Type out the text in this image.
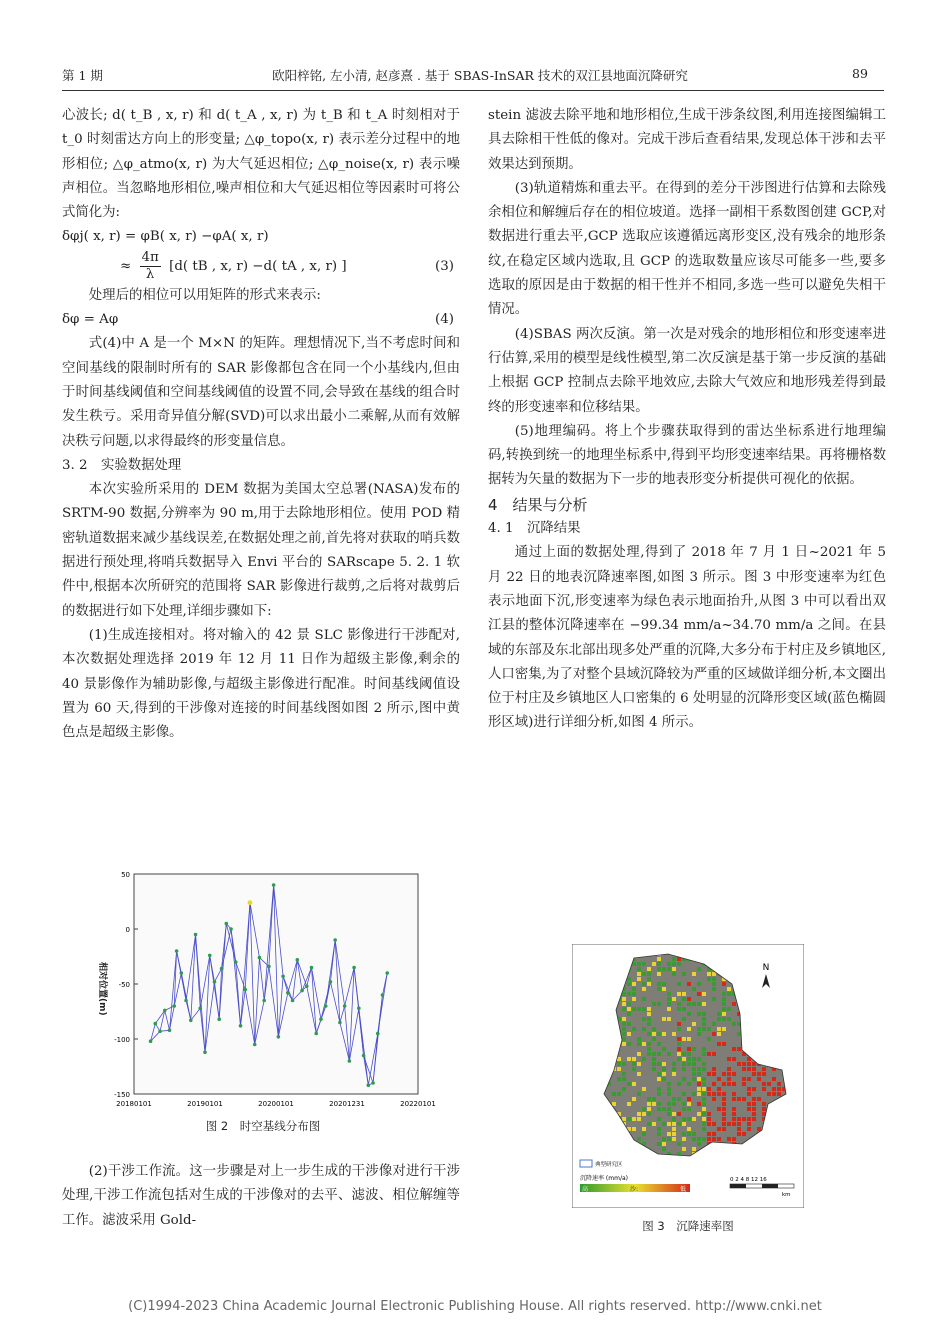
第 1 期	欧阳梓铭, 左小清, 赵彦熹 . 基于 SBAS-InSAR 技术的双江县地面沉降研究	89

心波长; d( t_B , x, r) 和 d( t_A , x, r) 为 t_B 和 t_A 时刻相对于 t_0 时刻雷达方向上的形变量; △φ_topo(x, r) 表示差分过程中的地形相位; △φ_atmo(x, r) 为大气延迟相位; △φ_noise(x, r) 表示噪声相位。当忽略地形相位,噪声相位和大气延迟相位等因素时可将公式简化为:

δφj( x, r) = φB( x, r) −φA( x, r)
≈ $\frac{4\pi}{\lambda} [d$( tB , x, r) −d( tA , x, r) ]	(3)

处理后的相位可以用矩阵的形式来表示:

δφ = Aφ	(4)

式(4)中 A 是一个 M×N 的矩阵。理想情况下,当不考虑时间和空间基线的限制时所有的 SAR 影像都包含在同一个小基线内,但由于时间基线阈值和空间基线阈值的设置不同,会导致在基线的组合时发生秩亏。采用奇异值分解(SVD)可以求出最小二乘解,从而有效解决秩亏问题,以求得最终的形变量信息。

3. 2　实验数据处理

本次实验所采用的 DEM 数据为美国太空总署(NASA)发布的 SRTM-90 数据,分辨率为 90 m,用于去除地形相位。使用 POD 精密轨道数据来减少基线误差,在数据处理之前,首先将对获取的哨兵数据进行预处理,将哨兵数据导入 Envi 平台的 SARscape 5. 2. 1 软件中,根据本次所研究的范围将 SAR 影像进行裁剪,之后将对裁剪后的数据进行如下处理,详细步骤如下:

(1)生成连接相对。将对输入的 42 景 SLC 影像进行干涉配对,本次数据处理选择 2019 年 12 月 11 日作为超级主影像,剩余的 40 景影像作为辅助影像,与超级主影像进行配准。时间基线阈值设置为 60 天,得到的干涉像对连接的时间基线图如图 2 所示,图中黄色点是超级主影像。

相对位置(m)
50
0
-50
-100
-150
20180101	20190101	20200101	20201231	20220101
图 2　时空基线分布图

(2)干涉工作流。这一步骤是对上一步生成的干涉像对进行干涉处理,干涉工作流包括对生成的干涉像对的去平、滤波、相位解缠等工作。滤波采用 Gold-

stein 滤波去除平地和地形相位,生成干涉条纹图,利用连接图编辑工具去除相干性低的像对。完成干涉后查看结果,发现总体干涉和去平效果达到预期。

(3)轨道精炼和重去平。在得到的差分干涉图进行估算和去除残余相位和解缠后存在的相位坡道。选择一副相干系数图创建 GCP,对数据进行重去平,GCP 选取应该遵循远离形变区,没有残余的地形条纹,在稳定区域内选取,且 GCP 的选取数量应该尽可能多一些,要多选取的原因是由于数据的相干性并不相同,多选一些可以避免失相干情况。

(4)SBAS 两次反演。第一次是对残余的地形相位和形变速率进行估算,采用的模型是线性模型,第二次反演是基于第一步反演的基础上根据 GCP 控制点去除平地效应,去除大气效应和地形残差得到最终的形变速率和位移结果。

(5)地理编码。将上个步骤获取得到的雷达坐标系进行地理编码,转换到统一的地理坐标系中,得到平均形变速率结果。再将栅格数据转为矢量的数据为下一步的地表形变分析提供可视化的依据。

4　结果与分析

4. 1　沉降结果

通过上面的数据处理,得到了 2018 年 7 月 1 日~2021 年 5 月 22 日的地表沉降速率图,如图 3 所示。图 3 中形变速率为红色表示地面下沉,形变速率为绿色表示地面抬升,从图 3 中可以看出双江县的整体沉降速率在 −99.34 mm/a~34.70 mm/a 之间。在县域的东部及东北部出现多处严重的沉降,大多分布于村庄及乡镇地区,人口密集,为了对整个县域沉降较为严重的区域做详细分析,本文圈出位于村庄及乡镇地区人口密集的 6 处明显的沉降形变区域(蓝色椭圆形区域)进行详细分析,如图 4 所示。

N
典型研究区
沉降速率 (mm/a)
高	沙:	低
0 2 4 8 12 16
km
图 3　沉降速率图
(C)1994-2023 China Academic Journal Electronic Publishing House. All rights reserved. http://www.cnki.net
